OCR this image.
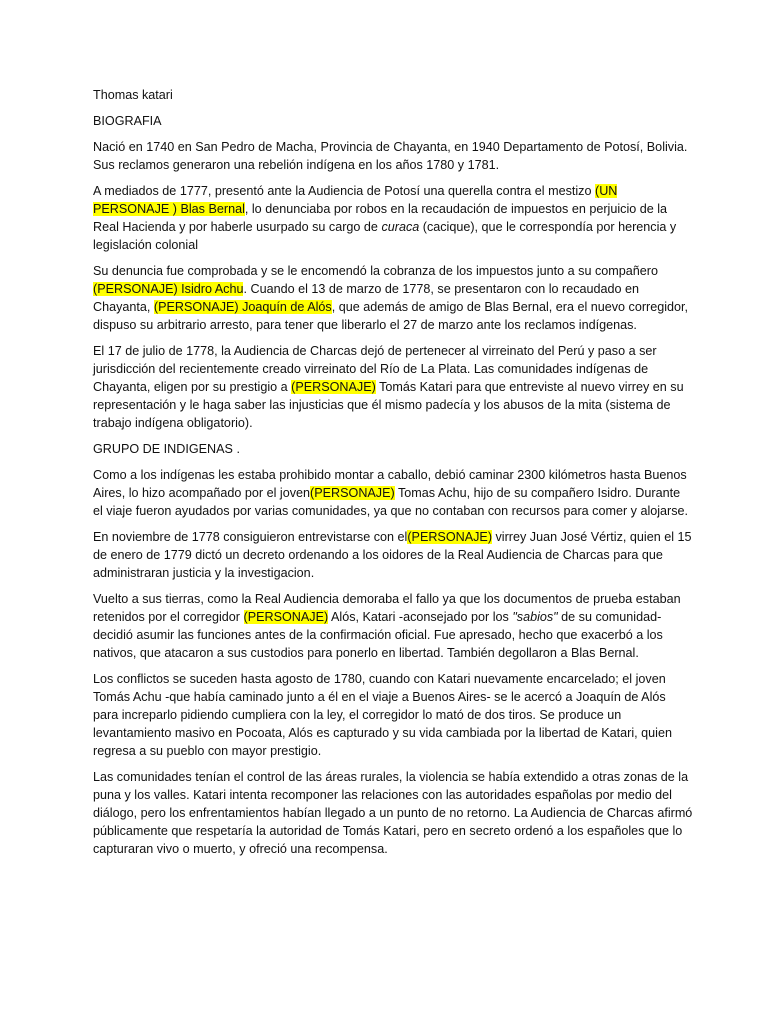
Thomas katari

BIOGRAFIA

Nació en 1740 en San Pedro de Macha, Provincia de Chayanta, en 1940 Departamento de Potosí, Bolivia. Sus reclamos generaron una rebelión indígena en los años 1780 y 1781.

A mediados de 1777, presentó ante la Audiencia de Potosí una querella contra el mestizo (UN PERSONAJE ) Blas Bernal, lo denunciaba por robos en la recaudación de impuestos en perjuicio de la Real Hacienda y por haberle usurpado su cargo de curaca (cacique), que le correspondía por herencia y legislación colonial

Su denuncia fue comprobada y se le encomendó la cobranza de los impuestos junto a su compañero (PERSONAJE) Isidro Achu. Cuando el 13 de marzo de 1778, se presentaron con lo recaudado en Chayanta, (PERSONAJE) Joaquín de Alós, que además de amigo de Blas Bernal, era el nuevo corregidor, dispuso su arbitrario arresto, para tener que liberarlo el 27 de marzo ante los reclamos indígenas.

El 17 de julio de 1778, la Audiencia de Charcas dejó de pertenecer al virreinato del Perú y paso a ser jurisdicción del recientemente creado virreinato del Río de La Plata. Las comunidades indígenas de Chayanta, eligen por su prestigio a (PERSONAJE) Tomás Katari para que entreviste al nuevo virrey en su representación y le haga saber las injusticias que él mismo padecía y los abusos de la mita (sistema de trabajo indígena obligatorio).

GRUPO DE INDIGENAS .

Como a los indígenas les estaba prohibido montar a caballo, debió caminar 2300 kilómetros hasta Buenos Aires, lo hizo acompañado por el joven(PERSONAJE) Tomas Achu, hijo de su compañero Isidro. Durante el viaje fueron ayudados por varias comunidades, ya que no contaban con recursos para comer y alojarse.

En noviembre de 1778 consiguieron entrevistarse con el(PERSONAJE) virrey Juan José Vértiz, quien el 15 de enero de 1779 dictó un decreto ordenando a los oidores de la Real Audiencia de Charcas para que administraran justicia y la investigacion.

Vuelto a sus tierras, como la Real Audiencia demoraba el fallo ya que los documentos de prueba estaban retenidos por el corregidor (PERSONAJE) Alós, Katari -aconsejado por los "sabios" de su comunidad- decidió asumir las funciones antes de la confirmación oficial. Fue apresado, hecho que exacerbó a los nativos, que atacaron a sus custodios para ponerlo en libertad. También degollaron a Blas Bernal.

Los conflictos se suceden hasta agosto de 1780, cuando con Katari nuevamente encarcelado; el joven Tomás Achu -que había caminado junto a él en el viaje a Buenos Aires- se le acercó a Joaquín de Alós para increparlo pidiendo cumpliera con la ley, el corregidor lo mató de dos tiros. Se produce un levantamiento masivo en Pocoata, Alós es capturado y su vida cambiada por la libertad de Katari, quien regresa a su pueblo con mayor prestigio.

Las comunidades tenían el control de las áreas rurales, la violencia se había extendido a otras zonas de la puna y los valles. Katari intenta recomponer las relaciones con las autoridades españolas por medio del diálogo, pero los enfrentamientos habían llegado a un punto de no retorno. La Audiencia de Charcas afirmó públicamente que respetaría la autoridad de Tomás Katari, pero en secreto ordenó a los españoles que lo capturaran vivo o muerto, y ofreció una recompensa.
